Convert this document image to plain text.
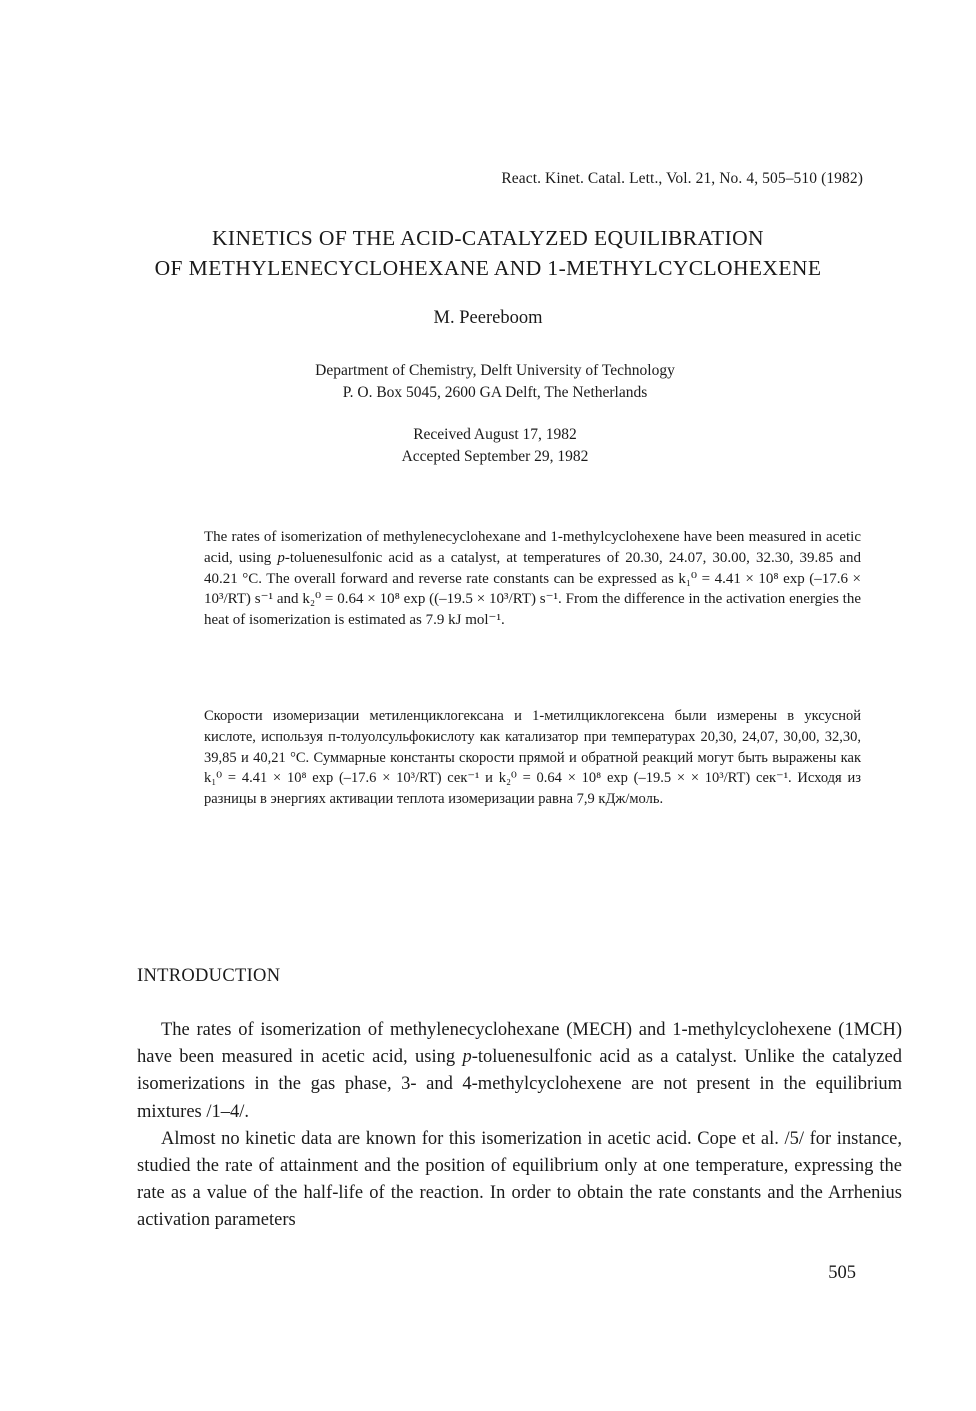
React. Kinet. Catal. Lett., Vol. 21, No. 4, 505–510 (1982)
KINETICS OF THE ACID-CATALYZED EQUILIBRATION
OF METHYLENECYCLOHEXANE AND 1-METHYLCYCLOHEXENE
M. Peereboom
Department of Chemistry, Delft University of Technology
P. O. Box 5045, 2600 GA Delft, The Netherlands
Received August 17, 1982
Accepted September 29, 1982

The rates of isomerization of methylenecyclohexane and 1-methylcyclohexene have been measured in acetic acid, using p-toluenesulfonic acid as a catalyst, at temperatures of 20.30, 24.07, 30.00, 32.30, 39.85 and 40.21 °C. The overall forward and reverse rate constants can be expressed as k₁⁰ = 4.41 × 10⁸ exp (–17.6 × 10³/RT) s⁻¹ and k₂⁰ = 0.64 × 10⁸ exp ((–19.5 × 10³/RT) s⁻¹. From the difference in the activation energies the heat of isomerization is estimated as 7.9 kJ mol⁻¹.

Скорости изомеризации метиленциклогексана и 1-метилциклогексена были измерены в уксусной кислоте, используя п-толуолсульфокислоту как катализатор при температурах 20,30, 24,07, 30,00, 32,30, 39,85 и 40,21 °С. Суммарные константы скорости прямой и обратной реакций могут быть выражены как k₁⁰ = 4.41 × 10⁸ exp (–17.6 × 10³/RT) сек⁻¹ и k₂⁰ = 0.64 × 10⁸ exp (–19.5 × × 10³/RT) сек⁻¹. Исходя из разницы в энергиях активации теплота изомеризации равна 7,9 кДж/моль.

INTRODUCTION

The rates of isomerization of methylenecyclohexane (MECH) and 1-methylcyclohexene (1MCH) have been measured in acetic acid, using p-toluenesulfonic acid as a catalyst. Unlike the catalyzed isomerizations in the gas phase, 3- and 4-methylcyclohexene are not present in the equilibrium mixtures /1–4/.

Almost no kinetic data are known for this isomerization in acetic acid. Cope et al. /5/ for instance, studied the rate of attainment and the position of equilibrium only at one temperature, expressing the rate as a value of the half-life of the reaction. In order to obtain the rate constants and the Arrhenius activation parameters

505
